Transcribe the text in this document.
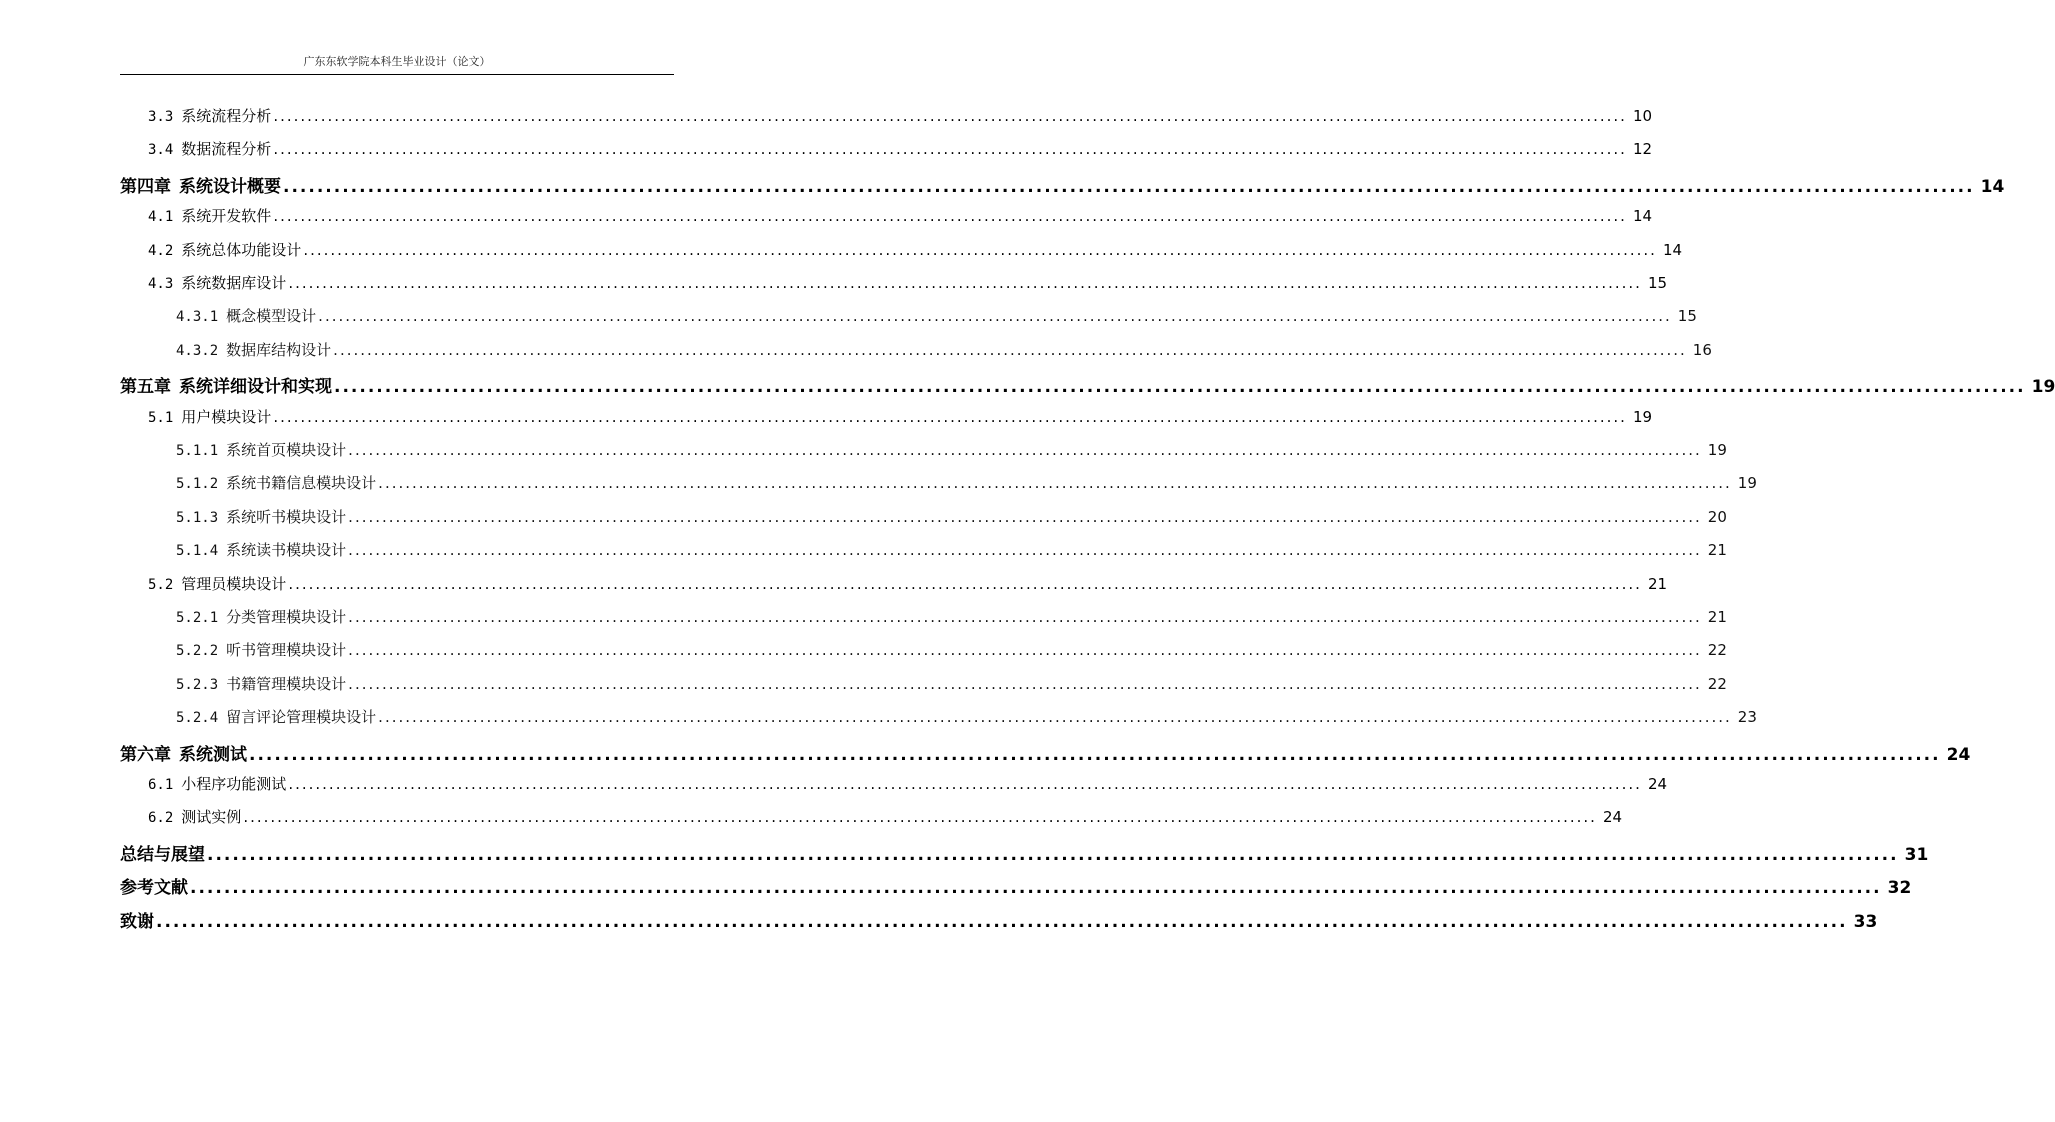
广东东软学院本科生毕业设计（论文）
3.3 系统流程分析 ........................................................................................................................................................................................................ 10
3.4 数据流程分析 ........................................................................................................................................................................................................ 12
第四章 系统设计概要 ........................................................................................................................................................................................................ 14
4.1 系统开发软件 ........................................................................................................................................................................................................ 14
4.2 系统总体功能设计 ........................................................................................................................................................................................................ 14
4.3 系统数据库设计 ........................................................................................................................................................................................................ 15
4.3.1 概念模型设计 ........................................................................................................................................................................................................ 15
4.3.2 数据库结构设计 ........................................................................................................................................................................................................ 16
第五章 系统详细设计和实现 ........................................................................................................................................................................................................ 19
5.1 用户模块设计 ........................................................................................................................................................................................................ 19
5.1.1 系统首页模块设计 ........................................................................................................................................................................................................ 19
5.1.2 系统书籍信息模块设计 ........................................................................................................................................................................................................ 19
5.1.3 系统听书模块设计 ........................................................................................................................................................................................................ 20
5.1.4 系统读书模块设计 ........................................................................................................................................................................................................ 21
5.2 管理员模块设计 ........................................................................................................................................................................................................ 21
5.2.1 分类管理模块设计 ........................................................................................................................................................................................................ 21
5.2.2 听书管理模块设计 ........................................................................................................................................................................................................ 22
5.2.3 书籍管理模块设计 ........................................................................................................................................................................................................ 22
5.2.4 留言评论管理模块设计 ........................................................................................................................................................................................................ 23
第六章 系统测试 ........................................................................................................................................................................................................ 24
6.1 小程序功能测试 ........................................................................................................................................................................................................ 24
6.2 测试实例 ........................................................................................................................................................................................................ 24
总结与展望 ........................................................................................................................................................................................................ 31
参考文献 ........................................................................................................................................................................................................ 32
致谢 ........................................................................................................................................................................................................ 33
